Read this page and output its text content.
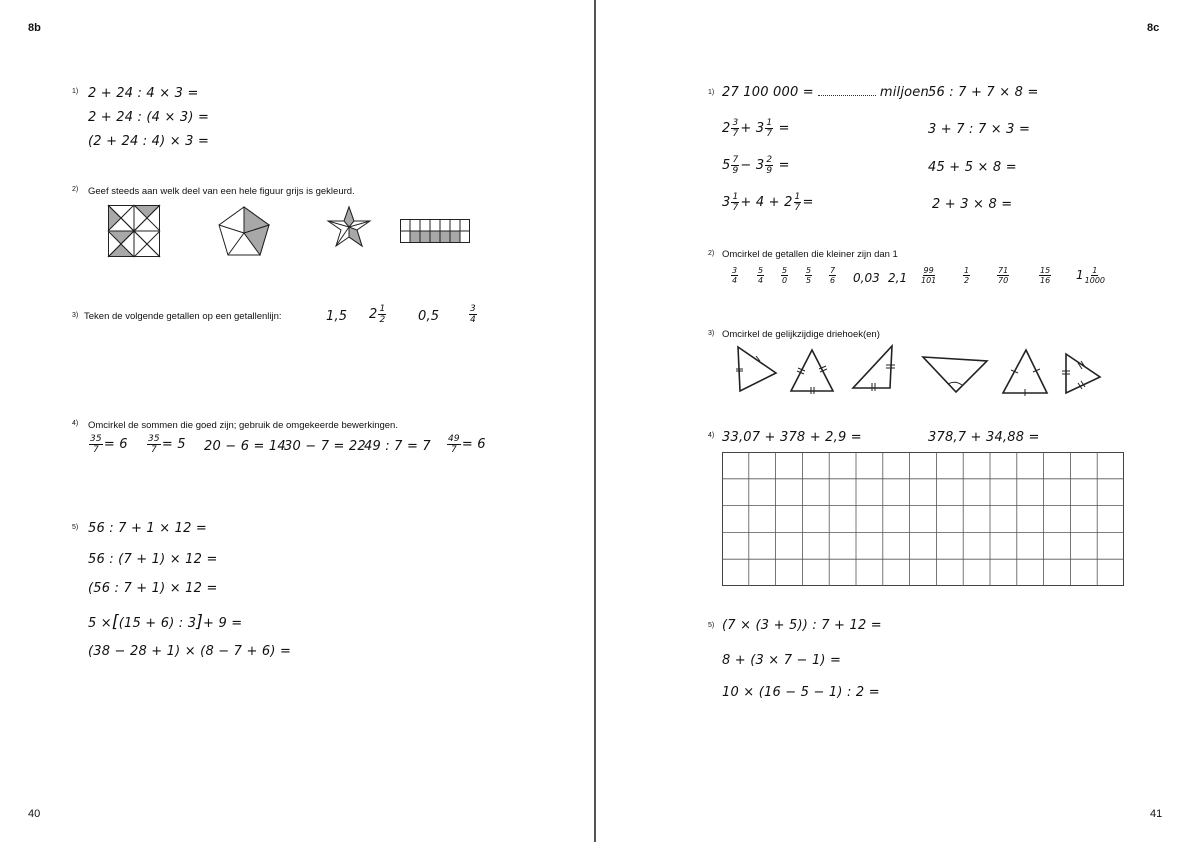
8b
40
1) 2 + 24 : 4 × 3 =
2 + 24 : (4 × 3) =
(2 + 24 : 4) × 3 =
2) Geef steeds aan welk deel van een hele figuur grijs is gekleurd.
3) Teken de volgende getallen op een getallenlijn:	1,5 $2 \frac{1}{2} 0,5$	$\frac{3}{4}$
4) Omcirkel de sommen die goed zijn; gebruik de omgekeerde bewerkingen.
$\frac{35}{7} = 6 \frac{35}{7} = 5$ 20 − 6 = 14
30 − 7 = 22
49 : $7 = 7 \frac{49}{7} = 6$
5) 56 : 7 + 1 × 12 =
56 : (7 + 1) × 12 =
(56 : 7 + 1) × 12 =
5 ×[(15 + 6) : 3]+ 9 =
(38 − 28 + 1) × (8 − 7 + 6) =
8c
41
1) 27 100 000 =	miljoen 56 : 7 + 7 × 8 =
$2 \frac{3}{7} + 3 \frac{1}{7}$ =	3 + 7 : 7 × 3 =
$5 \frac{7}{9} - 3 \frac{2}{9}$ =	45 + 5 × 8 =
$3 \frac{1}{7} + 4 + 2 \frac{1}{7}$ =	2 + 3 × 8 =
2) Omcirkel de getallen die kleiner zijn dan 1
$\frac{3}{4} \frac{5}{4} \frac{5}{0} \frac{5}{5} \frac{7}{6} 0,03$ $2,1 \frac{99}{101}$	$\frac{1}{2}$	$\frac{71}{70}$	$\frac{15}{16} 1 \frac{1}{1000}$
3) Omcirkel de gelijkzijdige driehoek(en)
4) 33,07 + 378 + 2,9 =	378,7 + 34,88 =
5) (7 × (3 + 5)) : 7 + 12 =
8 + (3 × 7 − 1) =
10 × (16 − 5 − 1) : 2 =
